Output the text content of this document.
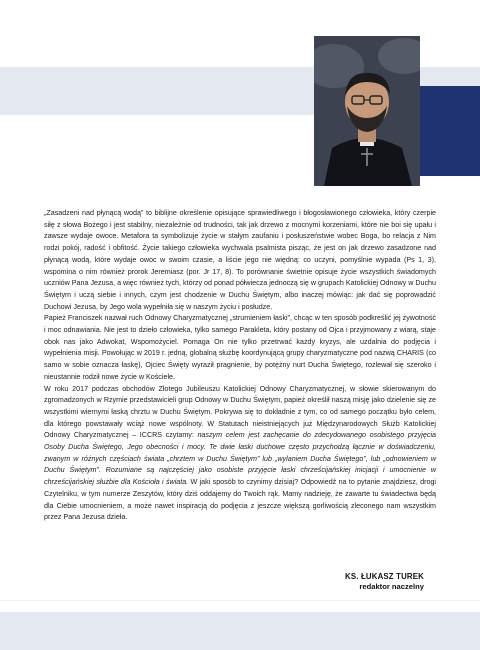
„Zasadzeni nad płynącą wodą” to biblijne określenie opisujące sprawiedliwego i błogosławionego człowieka, który czerpie siłę z słowa Bożego i jest stabilny, niezależnie od trudności, tak jak drzewo z mocnymi korzeniami, które nie boi się upału i zawsze wydaje owoce. Metafora ta symbolizuje życie w stałym zaufaniu i posłuszeństwie wobec Boga, bo relacja z Nim rodzi pokój, radość i obfitość. Życie takiego człowieka wychwala psalmista pisząc, że jest on jak drzewo zasadzone nad płynącą wodą, które wydaje owoc w swoim czasie, a liście jego nie więdną: co uczyni, pomyślnie wypada (Ps 1, 3), wspomina o nim również prorok Jeremiasz (por. Jr 17, 8). To porównanie świetnie opisuje życie wszystkich świadomych uczniów Pana Jezusa, a więc również tych, którzy od ponad półwiecza jednoczą się w grupach Katolickiej Odnowy w Duchu Świętym i uczą siebie i innych, czym jest chodzenie w Duchu Świętym, albo inaczej mówiąc: jak dać się poprowadzić Duchowi Jezusa, by Jego wola wypełniła się w naszym życiu i posłudze.

Papież Franciszek nazwał ruch Odnowy Charyzmatycznej „strumieniem łaski”, chcąc w ten sposób podkreślić jej żywotność i moc odnawiania. Nie jest to dzieło człowieka, tylko samego Parakleta, który postany od Ojca i przyjmowany z wiarą, staje obok nas jako Adwokat, Wspomożyciel. Pomaga On nie tylko przetrwać każdy kryzys, ale uzdalnia do podjęcia i wypełnienia misji. Powołując w 2019 r. jedną, globalną służbę koordynującą grupy charyzmatyczne pod nazwą CHARIS (co samo w sobie oznacza łaskę), Ojciec Święty wyraził pragnienie, by potężny nurt Ducha Świętego, rozlewał się szeroko i nieustannie rodził nowe życie w Kościele.

W roku 2017 podczas obchodów Złotego Jubileuszu Katolickiej Odnowy Charyzmatycznej, w słowie skierowanym do zgromadzonych w Rzymie przedstawicieli grup Odnowy w Duchu Świętym, papież określił naszą misję jako dzielenie się ze wszystkimi wiernymi łaską chrztu w Duchu Świętym. Pokrywa się to dokładnie z tym, co od samego początku było celem, dla którego powstawały wciąż nowe wspólnoty. W Statutach nieistniejących już Międzynarodowych Służb Katolickiej Odnowy Charyzmatycznej – ICCRS czytamy: naszym celem jest zachęcanie do zdecydowanego osobistego przyjęcia Osoby Ducha Świętego, Jego obecności i mocy. Te dwie łaski duchowe często przychodzą łącznie w doświadczeniu, zwanym w różnych częściach świata „chrztem w Duchu Świętym” lub „wylaniem Ducha Świętego”, lub „odnowieniem w Duchu Świętym”. Rozumiane są najczęściej jako osobiste przyjęcie łaski chrześcijańskiej inicjacji i umocnienie w chrześcijańskiej służbie dla Kościoła i świata. W jaki sposób to czynimy dzisiaj? Odpowiedź na to pytanie znajdziesz, drogi Czytelniku, w tym numerze Zeszytów, który dziś oddajemy do Twoich rąk. Mamy nadzieję, że zawarte tu świadectwa będą dla Ciebie umocnieniem, a może nawet inspiracją do podjęcia z jeszcze większą gorliwością zleconego nam wszystkim przez Pana Jezusa dzieła.

KS. ŁUKASZ TUREK
redaktor naczelny
